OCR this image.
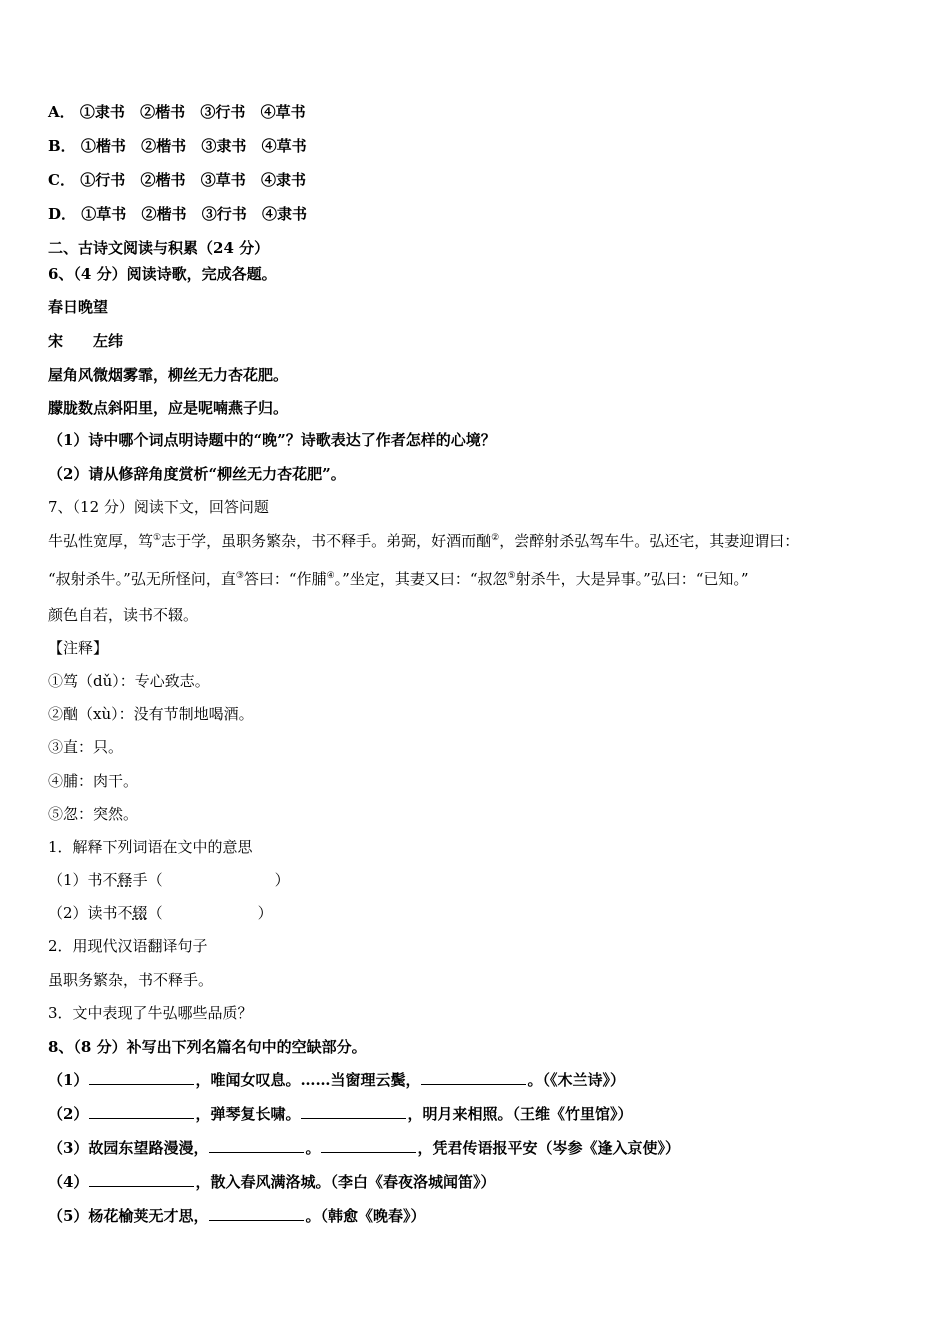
A． ①隶书 ②楷书 ③行书 ④草书
B． ①楷书 ②楷书 ③隶书 ④草书
C． ①行书 ②楷书 ③草书 ④隶书
D． ①草书 ②楷书 ③行书 ④隶书
二、古诗文阅读与积累（24 分）
6、（4 分）阅读诗歌，完成各题。
春日晚望
宋　　左纬
屋角风微烟雾霏，柳丝无力杏花肥。
朦胧数点斜阳里，应是呢喃燕子归。
（1）诗中哪个词点明诗题中的“晚”？诗歌表达了作者怎样的心境？
（2）请从修辞角度赏析“柳丝无力杏花肥”。
7、（12 分）阅读下文，回答问题
牛弘性宽厚，笃①志于学，虽职务繁杂，书不释手。弟弼，好酒而酗②，尝醉射杀弘驾车牛。弘还宅，其妻迎谓曰：
“叔射杀牛。”弘无所怪问，直③答曰：“作脯④。”坐定，其妻又曰：“叔忽⑤射杀牛，大是异事。”弘曰：“已知。”
颜色自若，读书不辍。
【注释】
①笃（dǔ）：专心致志。
②酗（xù）：没有节制地喝酒。
③直：只。
④脯：肉干。
⑤忽：突然。
1．解释下列词语在文中的意思
（1）书不释手（	）
（2）读书不辍（	）
2．用现代汉语翻译句子
虽职务繁杂，书不释手。
3．文中表现了牛弘哪些品质？
8、（8 分）补写出下列名篇名句中的空缺部分。
（1）	，唯闻女叹息。……当窗理云鬓，	。（《木兰诗》）
（2）	，弹琴复长啸。	，明月来相照。（王维《竹里馆》）
（3）故园东望路漫漫，	。	，凭君传语报平安（岑参《逢入京使》）
（4）	，散入春风满洛城。（李白《春夜洛城闻笛》）
（5）杨花榆荚无才思，	。（韩愈《晚春》）
